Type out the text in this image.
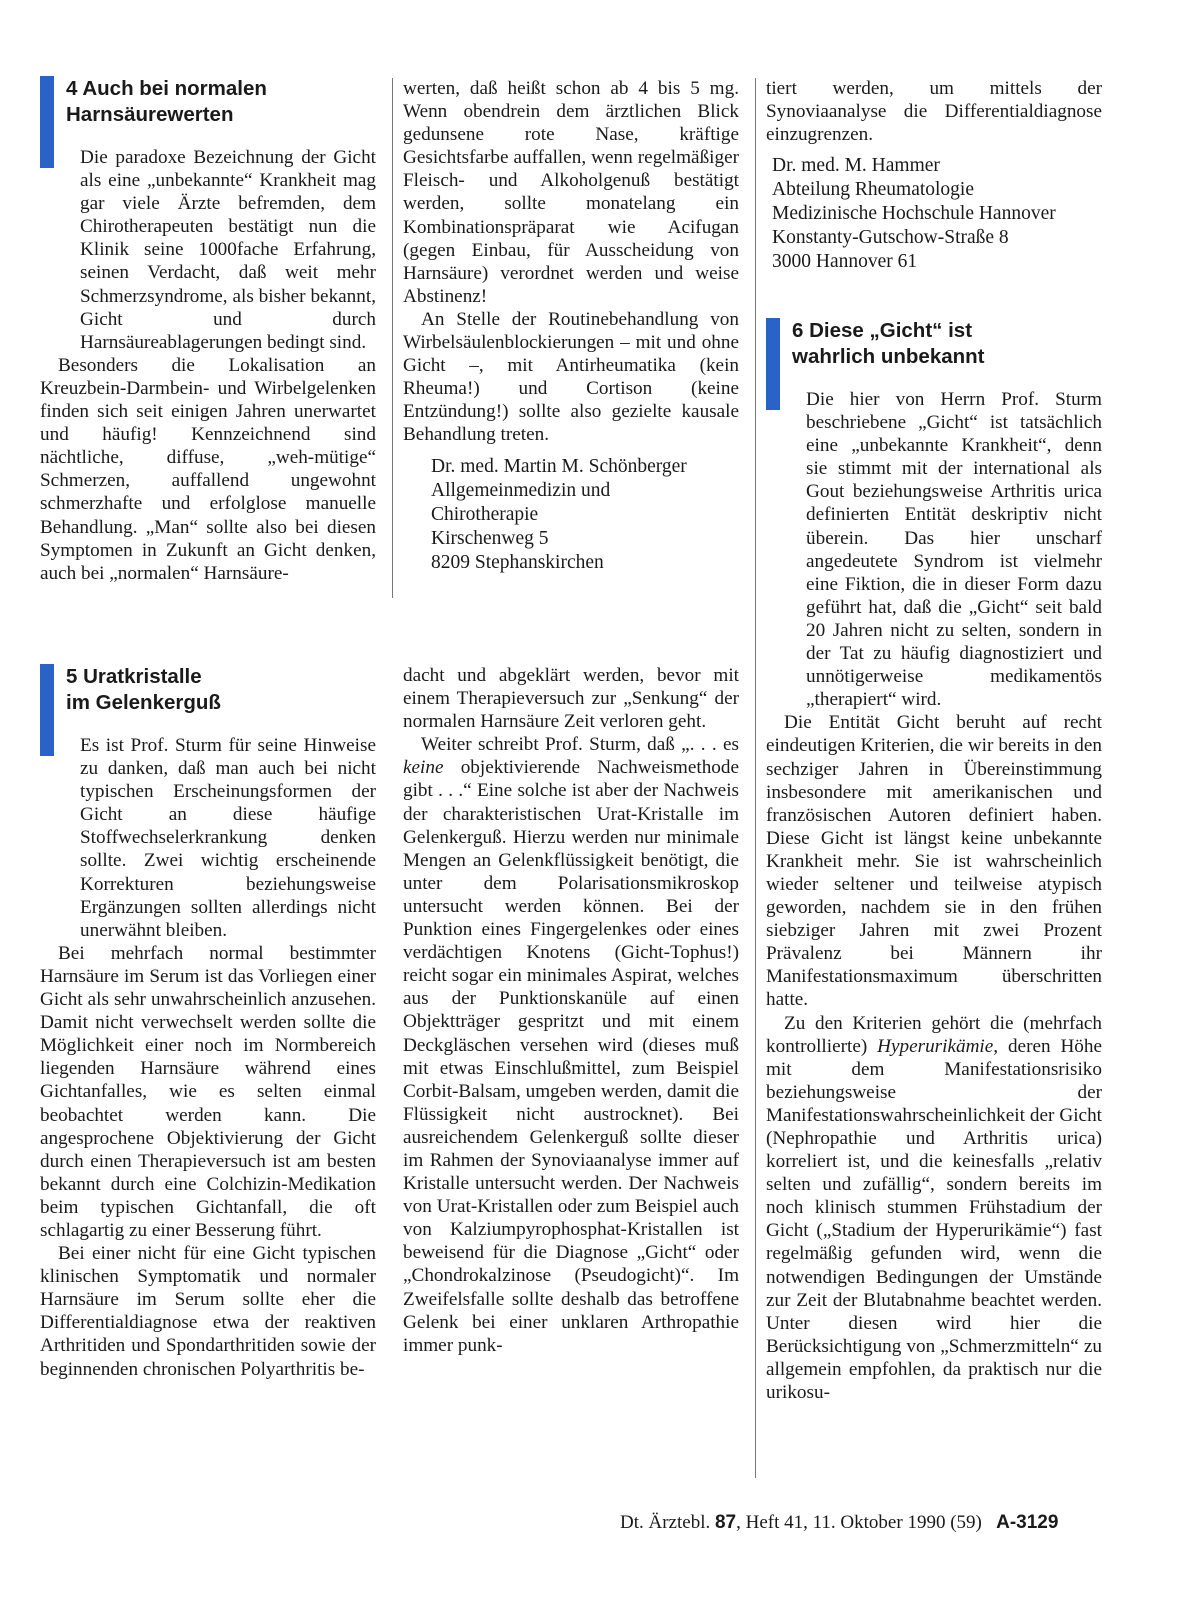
4 Auch bei normalen
Harnsäurewerten

Die paradoxe Bezeichnung der Gicht als eine „unbekannte“ Krankheit mag gar viele Ärzte befremden, dem Chirotherapeuten bestätigt nun die Klinik seine 1000fache Erfahrung, seinen Verdacht, daß weit mehr Schmerzsyndrome, als bisher bekannt, Gicht und durch Harnsäureablagerungen bedingt sind.

Besonders die Lokalisation an Kreuzbein-Darmbein- und Wirbelgelenken finden sich seit einigen Jahren unerwartet und häufig! Kennzeichnend sind nächtliche, diffuse, „weh-mütige“ Schmerzen, auffallend ungewohnt schmerzhafte und erfolglose manuelle Behandlung. „Man“ sollte also bei diesen Symptomen in Zukunft an Gicht denken, auch bei „normalen“ Harnsäure-

werten, daß heißt schon ab 4 bis 5 mg. Wenn obendrein dem ärztlichen Blick gedunsene rote Nase, kräftige Gesichtsfarbe auffallen, wenn regelmäßiger Fleisch- und Alkoholgenuß bestätigt werden, sollte monatelang ein Kombinationspräparat wie Acifugan (gegen Einbau, für Ausscheidung von Harnsäure) verordnet werden und weise Abstinenz!

An Stelle der Routinebehandlung von Wirbelsäulenblockierungen – mit und ohne Gicht –, mit Antirheumatika (kein Rheuma!) und Cortison (keine Entzündung!) sollte also gezielte kausale Behandlung treten.

Dr. med. Martin M. Schönberger
Allgemeinmedizin und
Chirotherapie
Kirschenweg 5
8209 Stephanskirchen
5 Uratkristalle
im Gelenkerguß

Es ist Prof. Sturm für seine Hinweise zu danken, daß man auch bei nicht typischen Erscheinungsformen der Gicht an diese häufige Stoffwechselerkrankung denken sollte. Zwei wichtig erscheinende Korrekturen beziehungsweise Ergänzungen sollten allerdings nicht unerwähnt bleiben.

Bei mehrfach normal bestimmter Harnsäure im Serum ist das Vorliegen einer Gicht als sehr unwahrscheinlich anzusehen. Damit nicht verwechselt werden sollte die Möglichkeit einer noch im Normbereich liegenden Harnsäure während eines Gichtanfalles, wie es selten einmal beobachtet werden kann. Die angesprochene Objektivierung der Gicht durch einen Therapieversuch ist am besten bekannt durch eine Colchizin-Medikation beim typischen Gichtanfall, die oft schlagartig zu einer Besserung führt.

Bei einer nicht für eine Gicht typischen klinischen Symptomatik und normaler Harnsäure im Serum sollte eher die Differentialdiagnose etwa der reaktiven Arthritiden und Spondarthritiden sowie der beginnenden chronischen Polyarthritis be-

dacht und abgeklärt werden, bevor mit einem Therapieversuch zur „Senkung“ der normalen Harnsäure Zeit verloren geht.

Weiter schreibt Prof. Sturm, daß „. . . es keine objektivierende Nachweismethode gibt . . .“ Eine solche ist aber der Nachweis der charakteristischen Urat-Kristalle im Gelenkerguß. Hierzu werden nur minimale Mengen an Gelenkflüssigkeit benötigt, die unter dem Polarisationsmikroskop untersucht werden können. Bei der Punktion eines Fingergelenkes oder eines verdächtigen Knotens (Gicht-Tophus!) reicht sogar ein minimales Aspirat, welches aus der Punktionskanüle auf einen Objektträger gespritzt und mit einem Deckgläschen versehen wird (dieses muß mit etwas Einschlußmittel, zum Beispiel Corbit-Balsam, umgeben werden, damit die Flüssigkeit nicht austrocknet). Bei ausreichendem Gelenkerguß sollte dieser im Rahmen der Synoviaanalyse immer auf Kristalle untersucht werden. Der Nachweis von Urat-Kristallen oder zum Beispiel auch von Kalziumpyrophosphat-Kristallen ist beweisend für die Diagnose „Gicht“ oder „Chondrokalzinose (Pseudogicht)“. Im Zweifelsfalle sollte deshalb das betroffene Gelenk bei einer unklaren Arthropathie immer punk-

tiert werden, um mittels der Synoviaanalyse die Differentialdiagnose einzugrenzen.

Dr. med. M. Hammer
Abteilung Rheumatologie
Medizinische Hochschule Hannover
Konstanty-Gutschow-Straße 8
3000 Hannover 61
6 Diese „Gicht“ ist
wahrlich unbekannt

Die hier von Herrn Prof. Sturm beschriebene „Gicht“ ist tatsächlich eine „unbekannte Krankheit“, denn sie stimmt mit der international als Gout beziehungsweise Arthritis urica definierten Entität deskriptiv nicht überein. Das hier unscharf angedeutete Syndrom ist vielmehr eine Fiktion, die in dieser Form dazu geführt hat, daß die „Gicht“ seit bald 20 Jahren nicht zu selten, sondern in der Tat zu häufig diagnostiziert und unnötigerweise medikamentös „therapiert“ wird.

Die Entität Gicht beruht auf recht eindeutigen Kriterien, die wir bereits in den sechziger Jahren in Übereinstimmung insbesondere mit amerikanischen und französischen Autoren definiert haben. Diese Gicht ist längst keine unbekannte Krankheit mehr. Sie ist wahrscheinlich wieder seltener und teilweise atypisch geworden, nachdem sie in den frühen siebziger Jahren mit zwei Prozent Prävalenz bei Männern ihr Manifestationsmaximum überschritten hatte.

Zu den Kriterien gehört die (mehrfach kontrollierte) Hyperurikämie, deren Höhe mit dem Manifestationsrisiko beziehungsweise der Manifestationswahrscheinlichkeit der Gicht (Nephropathie und Arthritis urica) korreliert ist, und die keinesfalls „relativ selten und zufällig“, sondern bereits im noch klinisch stummen Frühstadium der Gicht („Stadium der Hyperurikämie“) fast regelmäßig gefunden wird, wenn die notwendigen Bedingungen der Umstände zur Zeit der Blutabnahme beachtet werden. Unter diesen wird hier die Berücksichtigung von „Schmerzmitteln“ zu allgemein empfohlen, da praktisch nur die urikosu-

Dt. Ärztebl. 87, Heft 41, 11. Oktober 1990 (59) A-3129
